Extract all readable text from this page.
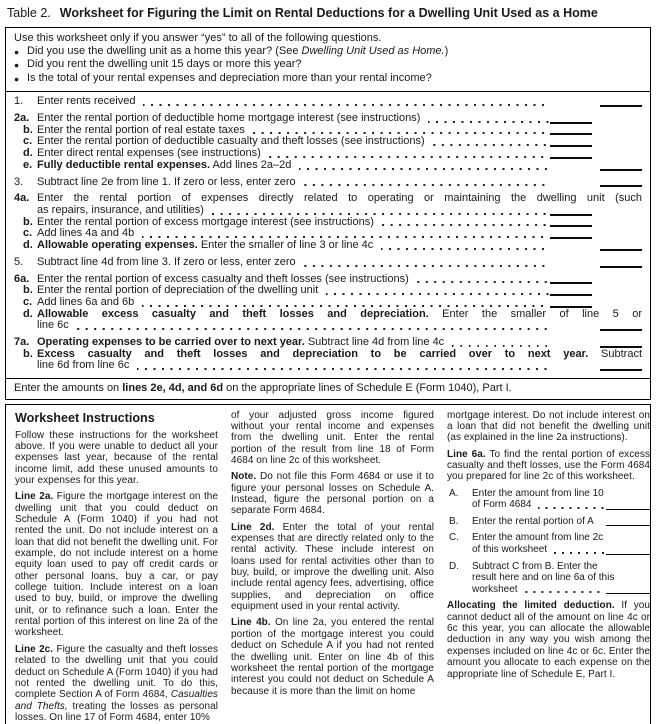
Table 2. Worksheet for Figuring the Limit on Rental Deductions for a Dwelling Unit Used as a Home
Use this worksheet only if you answer “yes” to all of the following questions.
● Did you use the dwelling unit as a home this year? (See Dwelling Unit Used as Home.)
● Did you rent the dwelling unit 15 days or more this year?
● Is the total of your rental expenses and depreciation more than your rental income?
1.	Enter rents received
2a. Enter the rental portion of deductible home mortgage interest (see instructions)
b. Enter the rental portion of real estate taxes
c. Enter the rental portion of deductible casualty and theft losses (see instructions)
d. Enter direct rental expenses (see instructions)
e. Fully deductible rental expenses. Add lines 2a–2d
3.	Subtract line 2e from line 1. If zero or less, enter zero
4a. Enter the rental portion of expenses directly related to operating or maintaining the dwelling unit (such
as repairs, insurance, and utilities)
b. Enter the rental portion of excess mortgage interest (see instructions)
c. Add lines 4a and 4b
d. Allowable operating expenses. Enter the smaller of line 3 or line 4c
5.	Subtract line 4d from line 3. If zero or less, enter zero
6a. Enter the rental portion of excess casualty and theft losses (see instructions)
b. Enter the rental portion of depreciation of the dwelling unit
c. Add lines 6a and 6b
d. Allowable excess casualty and theft losses and depreciation. Enter the smaller of line 5 or
line 6c
7a. Operating expenses to be carried over to next year. Subtract line 4d from line 4c
b. Excess casualty and theft losses and depreciation to be carried over to next year. Subtract
line 6d from line 6c
Enter the amounts on lines 2e, 4d, and 6d on the appropriate lines of Schedule E (Form 1040), Part I.
Worksheet Instructions
Follow these instructions for the worksheet above. If you were unable to deduct all your expenses last year, because of the rental income limit, add these unused amounts to your expenses for this year.
Line 2a. Figure the mortgage interest on the dwelling unit that you could deduct on Schedule A (Form 1040) if you had not rented the unit. Do not include interest on a loan that did not benefit the dwelling unit. For example, do not include interest on a home equity loan used to pay off credit cards or other personal loans, buy a car, or pay college tuition. Include interest on a loan used to buy, build, or improve the dwelling unit, or to refinance such a loan. Enter the rental portion of this interest on line 2a of the worksheet.
Line 2c. Figure the casualty and theft losses related to the dwelling unit that you could deduct on Schedule A (Form 1040) if you had not rented the dwelling unit. To do this, complete Section A of Form 4684, Casualties and Thefts, treating the losses as personal losses. On line 17 of Form 4684, enter 10%
of your adjusted gross income figured without your rental income and expenses from the dwelling unit. Enter the rental portion of the result from line 18 of Form 4684 on line 2c of this worksheet.
Note. Do not file this Form 4684 or use it to figure your personal losses on Schedule A. Instead, figure the personal portion on a separate Form 4684.
Line 2d. Enter the total of your rental expenses that are directly related only to the rental activity. These include interest on loans used for rental activities other than to buy, build, or improve the dwelling unit. Also include rental agency fees, advertising, office supplies, and depreciation on office equipment used in your rental activity.
Line 4b. On line 2a, you entered the rental portion of the mortgage interest you could deduct on Schedule A if you had not rented the dwelling unit. Enter on line 4b of this worksheet the rental portion of the mortgage interest you could not deduct on Schedule A because it is more than the limit on home
mortgage interest. Do not include interest on a loan that did not benefit the dwelling unit (as explained in the line 2a instructions).
Line 6a. To find the rental portion of excess casualty and theft losses, use the Form 4684 you prepared for line 2c of this worksheet.
A.	Enter the amount from line 10
of Form 4684
B.	Enter the rental portion of A
C.	Enter the amount from line 2c
of this worksheet
D.	Subtract C from B. Enter the
result here and on line 6a of this
worksheet
Allocating the limited deduction. If you cannot deduct all of the amount on line 4c or 6c this year, you can allocate the allowable deduction in any way you wish among the expenses included on line 4c or 6c. Enter the amount you allocate to each expense on the appropriate line of Schedule E, Part I.
